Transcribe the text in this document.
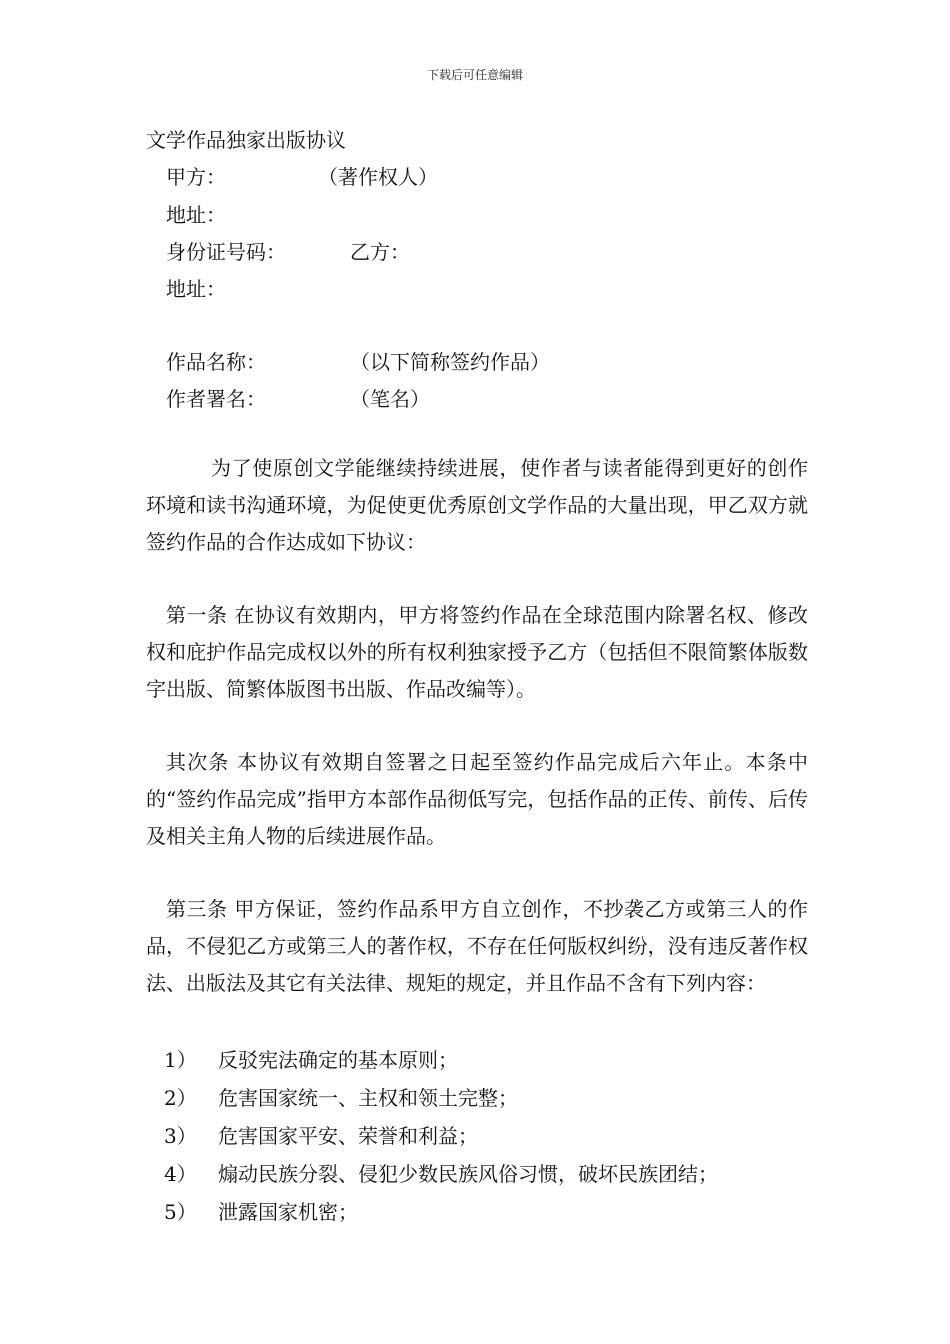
下载后可任意编辑
文学作品独家出版协议
甲方：	（著作权人）
地址：
身份证号码：	乙方：
地址：
作品名称：	（以下简称签约作品）
作者署名：	（笔名）

为了使原创文学能继续持续进展，使作者与读者能得到更好的创作环境和读书沟通环境，为促使更优秀原创文学作品的大量出现，甲乙双方就签约作品的合作达成如下协议：

第一条 在协议有效期内，甲方将签约作品在全球范围内除署名权、修改权和庇护作品完成权以外的所有权利独家授予乙方（包括但不限简繁体版数字出版、简繁体版图书出版、作品改编等）。

其次条 本协议有效期自签署之日起至签约作品完成后六年止。本条中的“签约作品完成”指甲方本部作品彻低写完，包括作品的正传、前传、后传及相关主角人物的后续进展作品。

第三条 甲方保证，签约作品系甲方自立创作，不抄袭乙方或第三人的作品，不侵犯乙方或第三人的著作权，不存在任何版权纠纷，没有违反著作权法、出版法及其它有关法律、规矩的规定，并且作品不含有下列内容：

1）	反驳宪法确定的基本原则；
2）	危害国家统一、主权和领土完整；
3）	危害国家平安、荣誉和利益；
4）	煽动民族分裂、侵犯少数民族风俗习惯，破坏民族团结；
5）	泄露国家机密；
